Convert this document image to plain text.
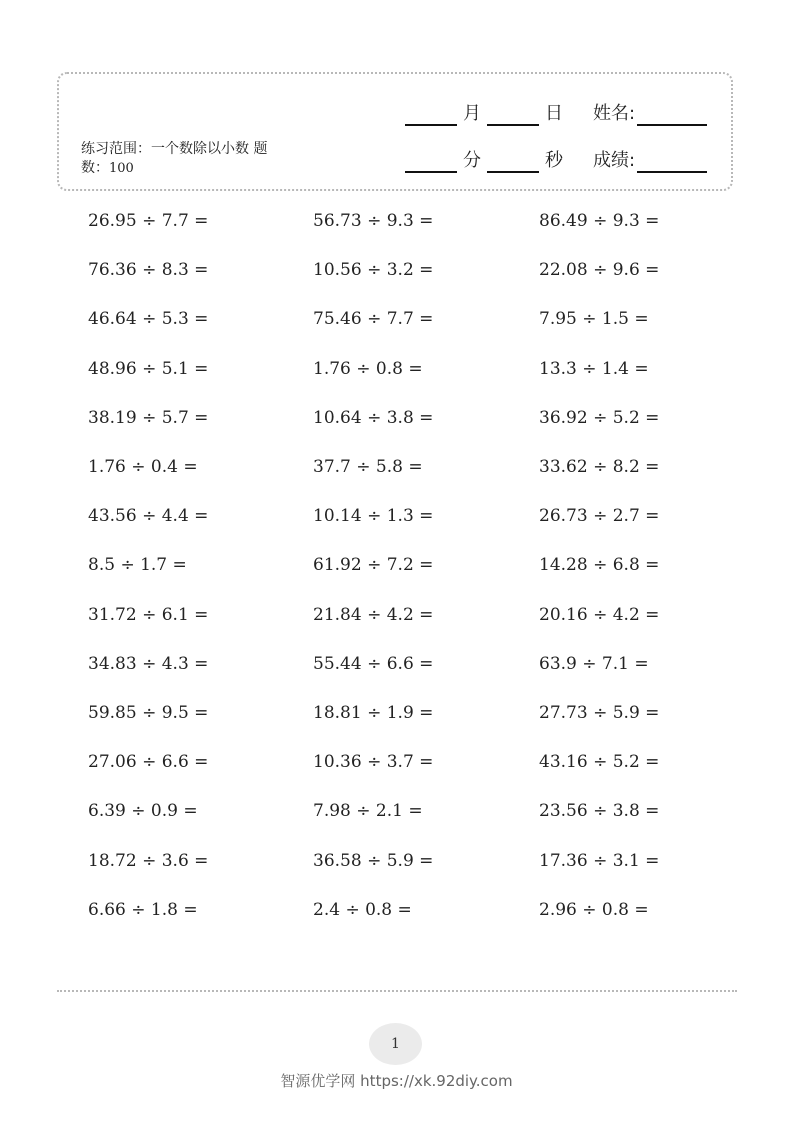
练习范围：一个数除以小数 题
数：100
月	日 姓名:
分	秒 成绩:
26.95 ÷ 7.7 =
76.36 ÷ 8.3 =
46.64 ÷ 5.3 =
48.96 ÷ 5.1 =
38.19 ÷ 5.7 =
1.76 ÷ 0.4 =
43.56 ÷ 4.4 =
8.5 ÷ 1.7 =
31.72 ÷ 6.1 =
34.83 ÷ 4.3 =
59.85 ÷ 9.5 =
27.06 ÷ 6.6 =
6.39 ÷ 0.9 =
18.72 ÷ 3.6 =
6.66 ÷ 1.8 =
56.73 ÷ 9.3 =
10.56 ÷ 3.2 =
75.46 ÷ 7.7 =
1.76 ÷ 0.8 =
10.64 ÷ 3.8 =
37.7 ÷ 5.8 =
10.14 ÷ 1.3 =
61.92 ÷ 7.2 =
21.84 ÷ 4.2 =
55.44 ÷ 6.6 =
18.81 ÷ 1.9 =
10.36 ÷ 3.7 =
7.98 ÷ 2.1 =
36.58 ÷ 5.9 =
2.4 ÷ 0.8 =
86.49 ÷ 9.3 =
22.08 ÷ 9.6 =
7.95 ÷ 1.5 =
13.3 ÷ 1.4 =
36.92 ÷ 5.2 =
33.62 ÷ 8.2 =
26.73 ÷ 2.7 =
14.28 ÷ 6.8 =
20.16 ÷ 4.2 =
63.9 ÷ 7.1 =
27.73 ÷ 5.9 =
43.16 ÷ 5.2 =
23.56 ÷ 3.8 =
17.36 ÷ 3.1 =
2.96 ÷ 0.8 =
1
智源优学网 https://xk.92diy.com
